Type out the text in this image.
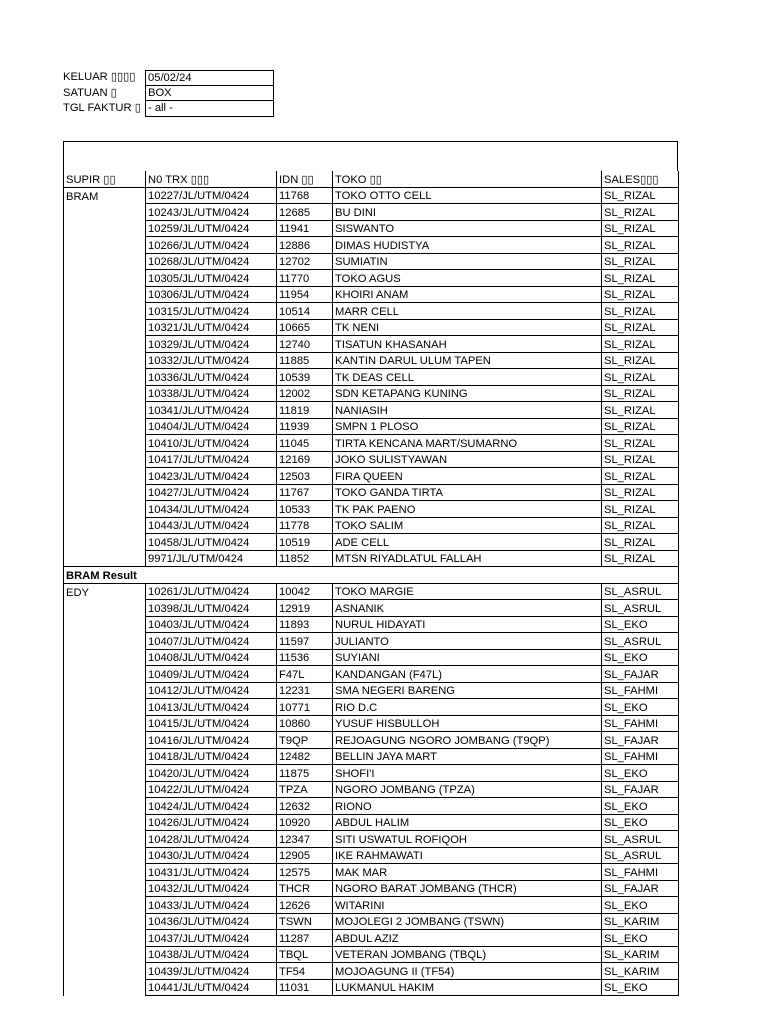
KELUAR ▯▯▯▯ 05/02/24
SATUAN ▯	BOX
TGL FAKTUR ▯ - all -
SUPIR ▯▯	N0 TRX ▯▯▯	IDN ▯▯	TOKO ▯▯	SALES▯▯▯
BRAM	10227/JL/UTM/0424	11768	TOKO OTTO CELL	SL_RIZAL
	10243/JL/UTM/0424	12685	BU DINI	SL_RIZAL
	10259/JL/UTM/0424	11941	SISWANTO	SL_RIZAL
	10266/JL/UTM/0424	12886	DIMAS HUDISTYA	SL_RIZAL
	10268/JL/UTM/0424	12702	SUMIATIN	SL_RIZAL
	10305/JL/UTM/0424	11770	TOKO AGUS	SL_RIZAL
	10306/JL/UTM/0424	11954	KHOIRI ANAM	SL_RIZAL
	10315/JL/UTM/0424	10514	MARR CELL	SL_RIZAL
	10321/JL/UTM/0424	10665	TK NENI	SL_RIZAL
	10329/JL/UTM/0424	12740	TISATUN KHASANAH	SL_RIZAL
	10332/JL/UTM/0424	11885	KANTIN DARUL ULUM TAPEN	SL_RIZAL
	10336/JL/UTM/0424	10539	TK DEAS CELL	SL_RIZAL
	10338/JL/UTM/0424	12002	SDN KETAPANG KUNING	SL_RIZAL
	10341/JL/UTM/0424	11819	NANIASIH	SL_RIZAL
	10404/JL/UTM/0424	11939	SMPN 1 PLOSO	SL_RIZAL
	10410/JL/UTM/0424	11045	TIRTA KENCANA MART/SUMARNO	SL_RIZAL
	10417/JL/UTM/0424	12169	JOKO SULISTYAWAN	SL_RIZAL
	10423/JL/UTM/0424	12503	FIRA QUEEN	SL_RIZAL
	10427/JL/UTM/0424	11767	TOKO GANDA TIRTA	SL_RIZAL
	10434/JL/UTM/0424	10533	TK PAK PAENO	SL_RIZAL
	10443/JL/UTM/0424	11778	TOKO SALIM	SL_RIZAL
	10458/JL/UTM/0424	10519	ADE CELL	SL_RIZAL
	9971/JL/UTM/0424	11852	MTSN RIYADLATUL FALLAH	SL_RIZAL
BRAM Result				
EDY	10261/JL/UTM/0424	10042	TOKO MARGIE	SL_ASRUL
	10398/JL/UTM/0424	12919	ASNANIK	SL_ASRUL
	10403/JL/UTM/0424	11893	NURUL HIDAYATI	SL_EKO
	10407/JL/UTM/0424	11597	JULIANTO	SL_ASRUL
	10408/JL/UTM/0424	11536	SUYIANI	SL_EKO
	10409/JL/UTM/0424	F47L	KANDANGAN (F47L)	SL_FAJAR
	10412/JL/UTM/0424	12231	SMA NEGERI BARENG	SL_FAHMI
	10413/JL/UTM/0424	10771	RIO D.C	SL_EKO
	10415/JL/UTM/0424	10860	YUSUF HISBULLOH	SL_FAHMI
	10416/JL/UTM/0424	T9QP	REJOAGUNG NGORO JOMBANG (T9QP)	SL_FAJAR
	10418/JL/UTM/0424	12482	BELLIN JAYA MART	SL_FAHMI
	10420/JL/UTM/0424	11875	SHOFI'I	SL_EKO
	10422/JL/UTM/0424	TPZA	NGORO JOMBANG (TPZA)	SL_FAJAR
	10424/JL/UTM/0424	12632	RIONO	SL_EKO
	10426/JL/UTM/0424	10920	ABDUL HALIM	SL_EKO
	10428/JL/UTM/0424	12347	SITI USWATUL ROFIQOH	SL_ASRUL
	10430/JL/UTM/0424	12905	IKE RAHMAWATI	SL_ASRUL
	10431/JL/UTM/0424	12575	MAK MAR	SL_FAHMI
	10432/JL/UTM/0424	THCR	NGORO BARAT JOMBANG (THCR)	SL_FAJAR
	10433/JL/UTM/0424	12626	WITARINI	SL_EKO
	10436/JL/UTM/0424	TSWN	MOJOLEGI 2 JOMBANG (TSWN)	SL_KARIM
	10437/JL/UTM/0424	11287	ABDUL AZIZ	SL_EKO
	10438/JL/UTM/0424	TBQL	VETERAN JOMBANG (TBQL)	SL_KARIM
	10439/JL/UTM/0424	TF54	MOJOAGUNG II (TF54)	SL_KARIM
	10441/JL/UTM/0424	11031	LUKMANUL HAKIM	SL_EKO
